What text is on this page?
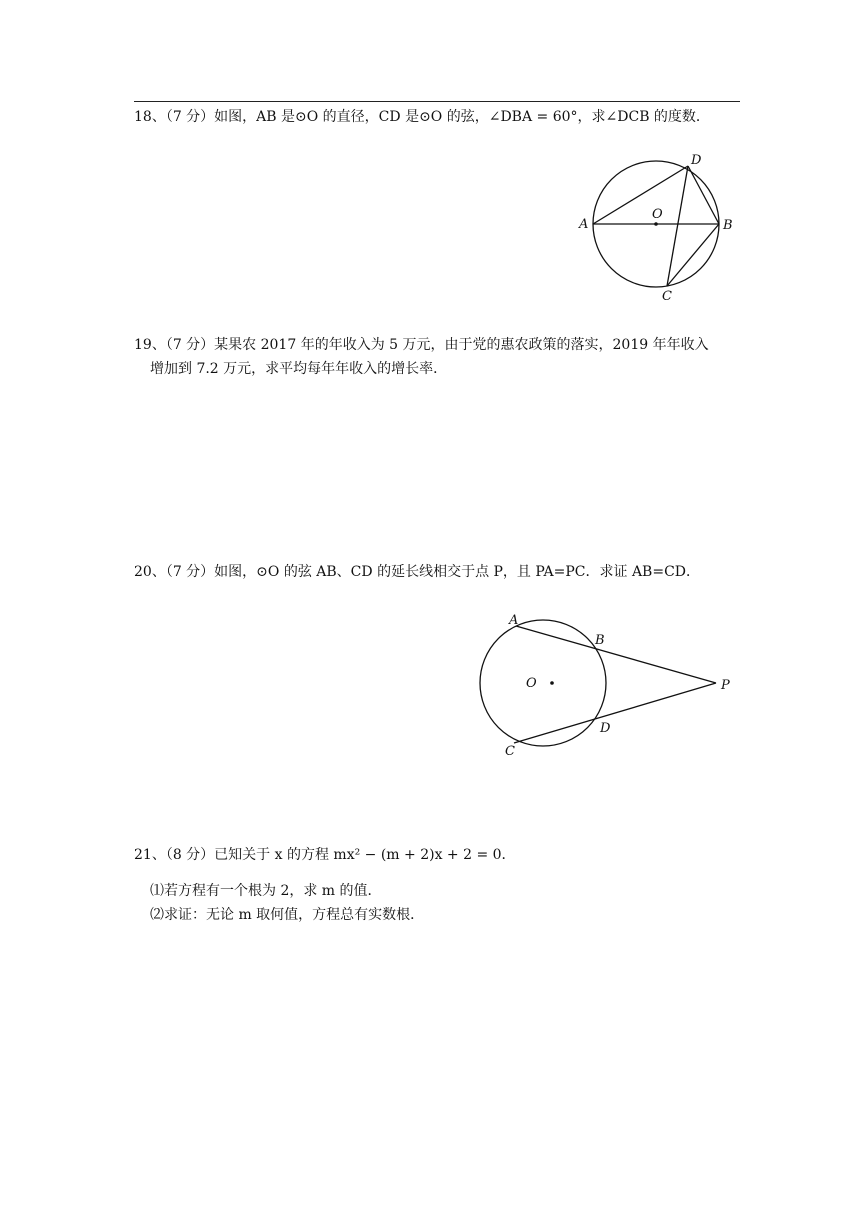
18、（7 分）如图，AB 是⊙O 的直径，CD 是⊙O 的弦，∠DBA = 60°，求∠DCB 的度数．
A
O
B
D
C
19、（7 分）某果农 2017 年的年收入为 5 万元，由于党的惠农政策的落实，2019 年年收入
增加到 7.2 万元，求平均每年年收入的增长率．
20、（7 分）如图，⊙O 的弦 AB、CD 的延长线相交于点 P，且 PA=PC．求证 AB=CD．
A
B
O	P
D
C
21、（8 分）已知关于 x 的方程 mx² − (m + 2)x + 2 = 0．
⑴若方程有一个根为 2，求 m 的值．
⑵求证：无论 m 取何值，方程总有实数根．
